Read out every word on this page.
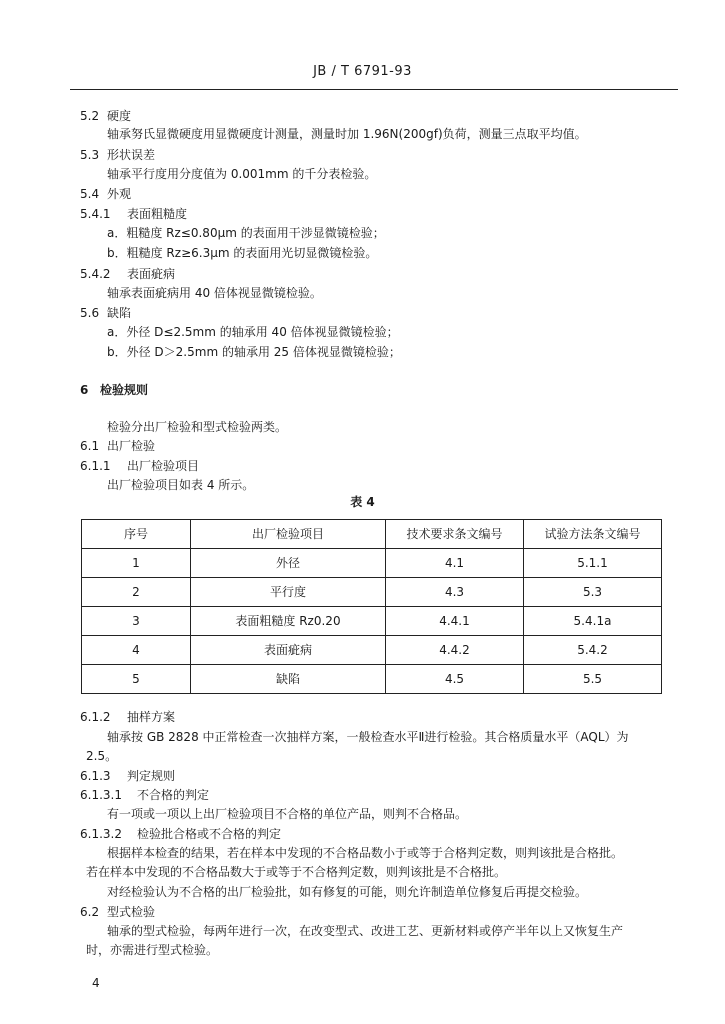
JB / T 6791-93
5.2 硬度
轴承努氏显微硬度用显微硬度计测量，测量时加 1.96N(200gf)负荷，测量三点取平均值。
5.3 形状误差
轴承平行度用分度值为 0.001mm 的千分表检验。
5.4 外观
5.4.1 表面粗糙度
a．粗糙度 Rz≤0.80μm 的表面用干涉显微镜检验；
b．粗糙度 Rz≥6.3μm 的表面用光切显微镜检验。
5.4.2 表面疵病
轴承表面疵病用 40 倍体视显微镜检验。
5.6 缺陷
a．外径 D≤2.5mm 的轴承用 40 倍体视显微镜检验；
b．外径 D＞2.5mm 的轴承用 25 倍体视显微镜检验；
6 检验规则
检验分出厂检验和型式检验两类。
6.1 出厂检验
6.1.1 出厂检验项目
出厂检验项目如表 4 所示。
表 4
序号	出厂检验项目	技术要求条文编号	试验方法条文编号
1	外径	4.1	5.1.1
2	平行度	4.3	5.3
3	表面粗糙度 Rz0.20	4.4.1	5.4.1a
4	表面疵病	4.4.2	5.4.2
5	缺陷	4.5	5.5
6.1.2 抽样方案
轴承按 GB 2828 中正常检查一次抽样方案，一般检查水平Ⅱ进行检验。其合格质量水平（AQL）为
2.5。
6.1.3 判定规则
6.1.3.1 不合格的判定
有一项或一项以上出厂检验项目不合格的单位产品，则判不合格品。
6.1.3.2 检验批合格或不合格的判定
根据样本检查的结果，若在样本中发现的不合格品数小于或等于合格判定数，则判该批是合格批。
若在样本中发现的不合格品数大于或等于不合格判定数，则判该批是不合格批。
对经检验认为不合格的出厂检验批，如有修复的可能，则允许制造单位修复后再提交检验。
6.2 型式检验
轴承的型式检验，每两年进行一次，在改变型式、改进工艺、更新材料或停产半年以上又恢复生产
时，亦需进行型式检验。
4
